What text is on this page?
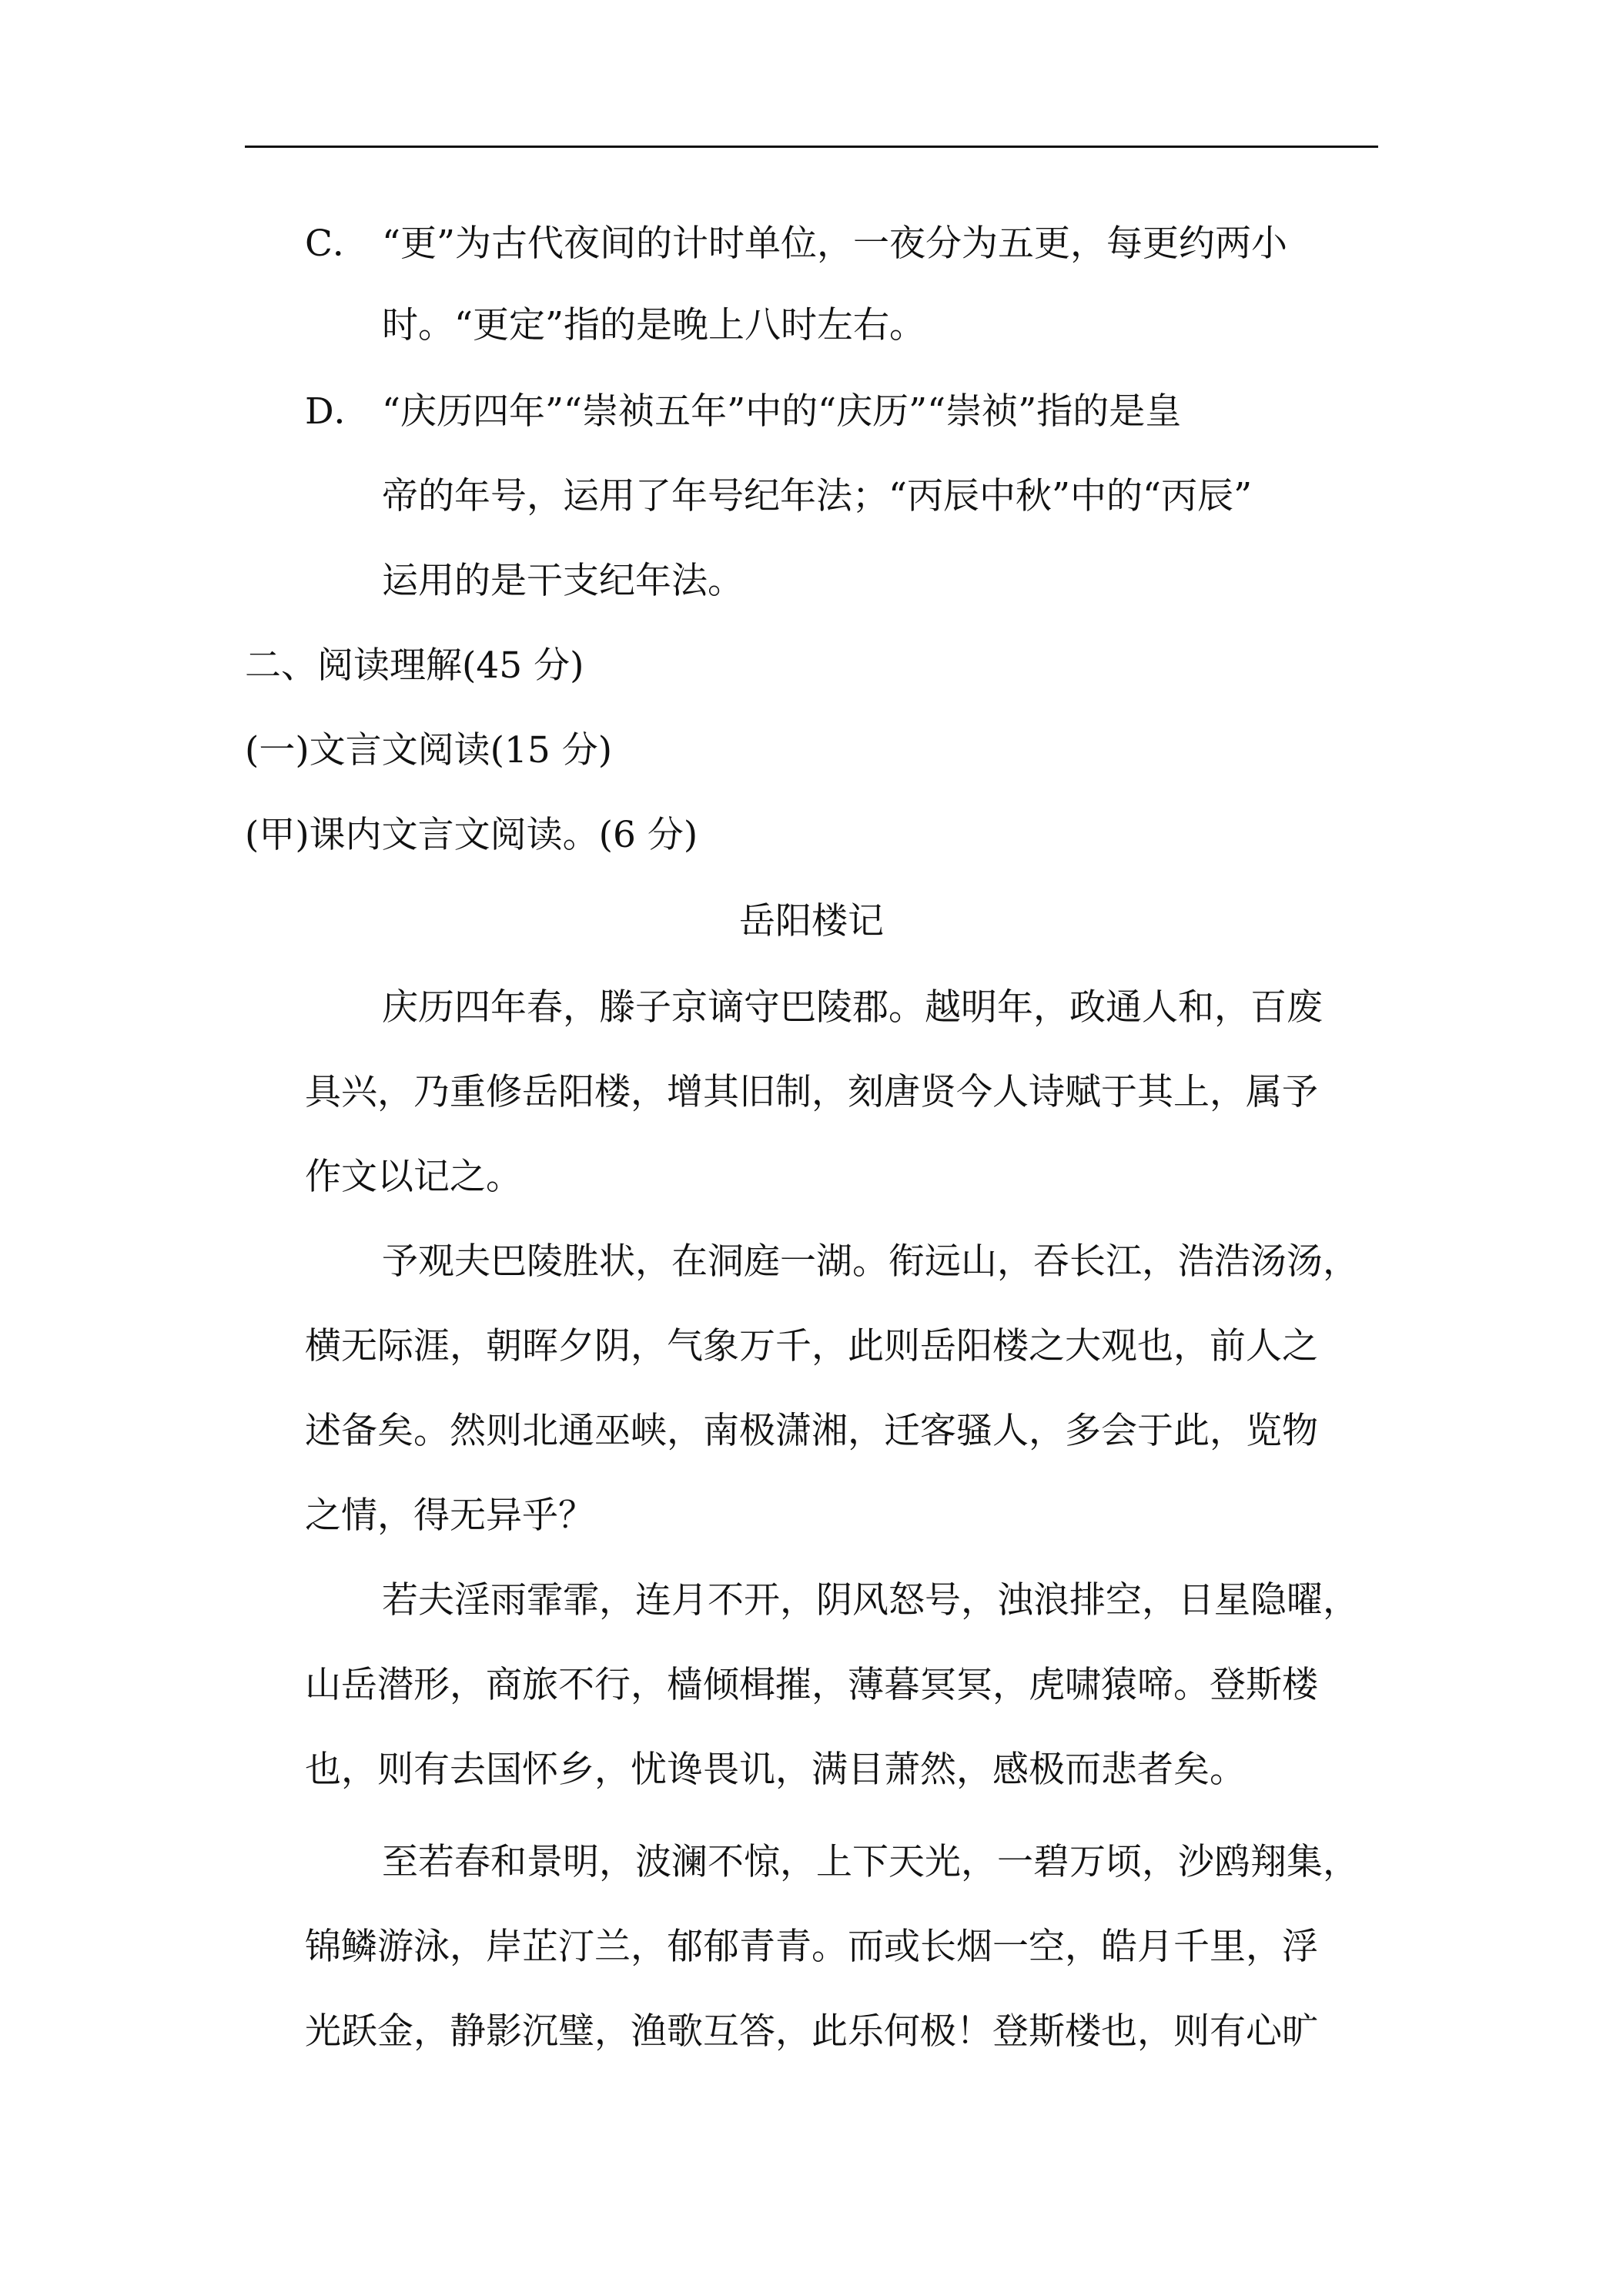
C． “更”为古代夜间的计时单位，一夜分为五更，每更约两小
时。“更定”指的是晚上八时左右。
D． “庆历四年”“崇祯五年”中的“庆历”“崇祯”指的是皇
帝的年号，运用了年号纪年法；“丙辰中秋”中的“丙辰”
运用的是干支纪年法。
二、阅读理解(45 分)
(一)文言文阅读(15 分)
(甲)课内文言文阅读。(6 分)
岳阳楼记
庆历四年春，滕子京谪守巴陵郡。越明年，政通人和，百废
具兴，乃重修岳阳楼，增其旧制，刻唐贤今人诗赋于其上，属予
作文以记之。
予观夫巴陵胜状，在洞庭一湖。衔远山，吞长江，浩浩汤汤，
横无际涯，朝晖夕阴，气象万千，此则岳阳楼之大观也，前人之
述备矣。然则北通巫峡，南极潇湘，迁客骚人，多会于此，览物
之情，得无异乎？
若夫淫雨霏霏，连月不开，阴风怒号，浊浪排空，日星隐曜，
山岳潜形，商旅不行，樯倾楫摧，薄暮冥冥，虎啸猿啼。登斯楼
也，则有去国怀乡，忧谗畏讥，满目萧然，感极而悲者矣。
至若春和景明，波澜不惊，上下天光，一碧万顷，沙鸥翔集，
锦鳞游泳，岸芷汀兰，郁郁青青。而或长烟一空，皓月千里，浮
光跃金，静影沉璧，渔歌互答，此乐何极！登斯楼也，则有心旷
